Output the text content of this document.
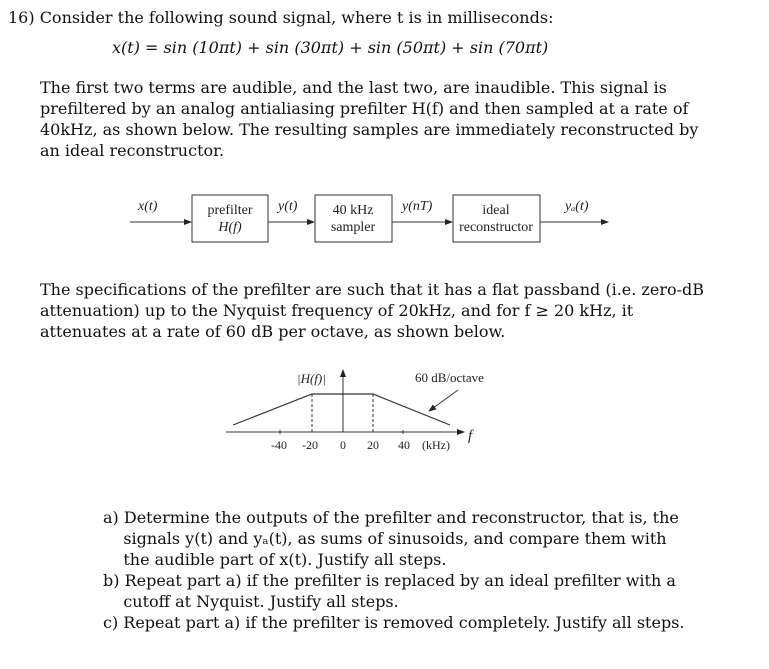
16) Consider the following sound signal, where t is in milliseconds:
x(t) = sin (10πt) + sin (30πt) + sin (50πt) + sin (70πt)
The first two terms are audible, and the last two, are inaudible. This signal is
prefiltered by an analog antialiasing prefilter H(f) and then sampled at a rate of
40kHz, as shown below. The resulting samples are immediately reconstructed by
an ideal reconstructor.
x(t)	prefilter
H(f)
y(t)	40 kHz
sampler
y(nT)	ideal
reconstructor
yₐ(t)
|H(f)|	60 dB/octave
f
-40 -20 0 20 40 (kHz)
The specifications of the prefilter are such that it has a flat passband (i.e. zero-dB
attenuation) up to the Nyquist frequency of 20kHz, and for f ≥ 20 kHz, it
attenuates at a rate of 60 dB per octave, as shown below.
a) Determine the outputs of the prefilter and reconstructor, that is, the
signals y(t) and yₐ(t), as sums of sinusoids, and compare them with
the audible part of x(t). Justify all steps.
b) Repeat part a) if the prefilter is replaced by an ideal prefilter with a
cutoff at Nyquist. Justify all steps.
c) Repeat part a) if the prefilter is removed completely. Justify all steps.
